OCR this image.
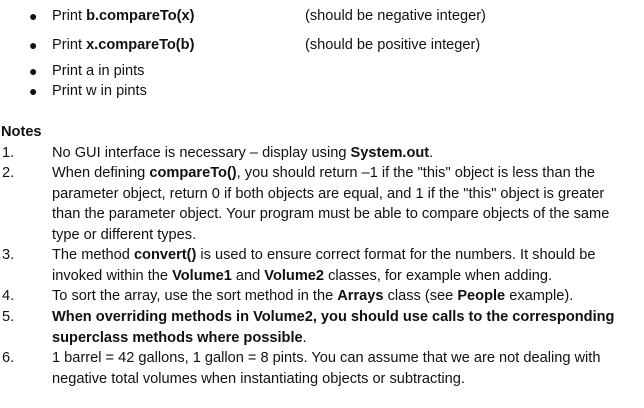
● Print b.compareTo(x)	(should be negative integer)
● Print x.compareTo(b)	(should be positive integer)
● Print a in pints
● Print w in pints
Notes
1.	No GUI interface is necessary – display using System.out.
2.	When defining compareTo(), you should return –1 if the "this" object is less than the
parameter object, return 0 if both objects are equal, and 1 if the "this" object is greater
than the parameter object. Your program must be able to compare objects of the same
type or different types.
3.	The method convert() is used to ensure correct format for the numbers. It should be
invoked within the Volume1 and Volume2 classes, for example when adding.
4.	To sort the array, use the sort method in the Arrays class (see People example).
5.	When overriding methods in Volume2, you should use calls to the corresponding
superclass methods where possible.
6.	1 barrel = 42 gallons, 1 gallon = 8 pints. You can assume that we are not dealing with
negative total volumes when instantiating objects or subtracting.
